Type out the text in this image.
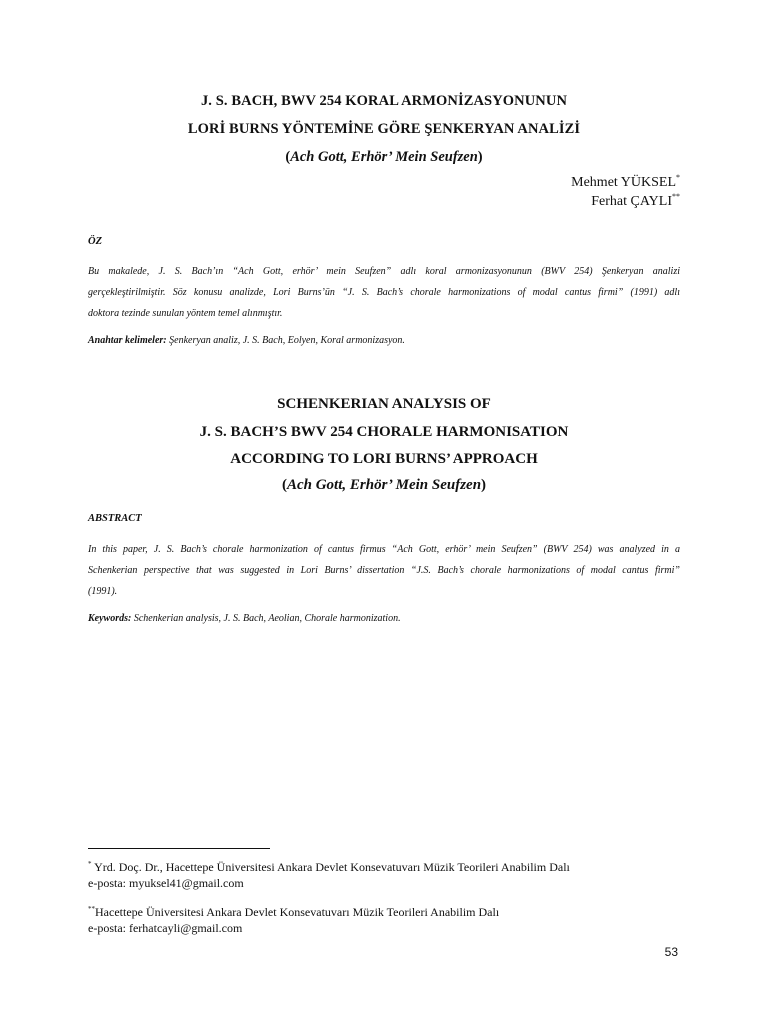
J. S. BACH, BWV 254 KORAL ARMONİZASYONUNUN
LORİ BURNS YÖNTEMİNE GÖRE ŞENKERYAN ANALİZİ
(Ach Gott, Erhör’ Mein Seufzen)
Mehmet YÜKSEL*
Ferhat ÇAYLI**
ÖZ
Bu makalede, J. S. Bach’ın “Ach Gott, erhör’ mein Seufzen” adlı koral armonizasyonunun (BWV 254) Şenkeryan analizi
gerçekleştirilmiştir. Söz konusu analizde, Lori Burns’ün “J. S. Bach’s chorale harmonizations of modal cantus firmi” (1991) adlı
doktora tezinde sunulan yöntem temel alınmıştır.
Anahtar kelimeler: Şenkeryan analiz, J. S. Bach, Eolyen, Koral armonizasyon.
SCHENKERIAN ANALYSIS OF
J. S. BACH’S BWV 254 CHORALE HARMONISATION
ACCORDING TO LORI BURNS’ APPROACH
(Ach Gott, Erhör’ Mein Seufzen)
ABSTRACT
In this paper, J. S. Bach’s chorale harmonization of cantus firmus “Ach Gott, erhör’ mein Seufzen” (BWV 254) was analyzed in a
Schenkerian perspective that was suggested in Lori Burns’ dissertation “J.S. Bach’s chorale harmonizations of modal cantus firmi”
(1991).
Keywords: Schenkerian analysis, J. S. Bach, Aeolian, Chorale harmonization.
* Yrd. Doç. Dr., Hacettepe Üniversitesi Ankara Devlet Konsevatuvarı Müzik Teorileri Anabilim Dalı
e-posta: myuksel41@gmail.com
**Hacettepe Üniversitesi Ankara Devlet Konsevatuvarı Müzik Teorileri Anabilim Dalı
e-posta: ferhatcayli@gmail.com
53
